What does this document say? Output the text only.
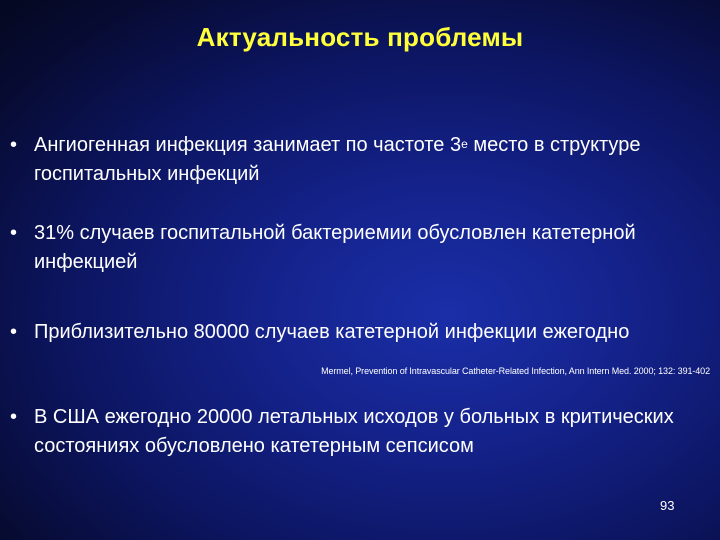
Актуальность проблемы
• Ангиогенная инфекция занимает по частоте $3^е$ место в структуре госпитальных инфекций
• 31% случаев госпитальной бактериемии обусловлен катетерной инфекцией
• Приблизительно 80000 случаев катетерной инфекции ежегодно
• В США ежегодно 20000 летальных исходов у больных в критических состояниях обусловлено катетерным сепсисом
Mermel, Prevention of Intravascular Catheter-Related Infection, Ann Intern Med. 2000; 132: 391-402
93
